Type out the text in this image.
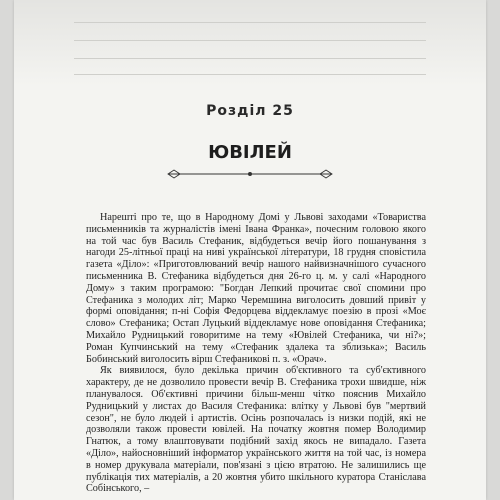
Розділ 25
ЮВІЛЕЙ

Нарешті про те, що в Народному Домі у Львові заходами «Товариства письменників та журналістів імені Івана Франка», почесним головою якого на той час був Василь Стефаник, відбудеться вечір його пошанування з нагоди 25-літньої праці на ниві української літератури, 18 грудня сповістила газета «Діло»: «Приготовлюваний вечір нашого найвизначнішого сучасного письменника В. Стефаника відбудеться дня 26-го ц. м. у салі «Народного Дому» з таким програмою: "Богдан Лепкий прочитає свої спомини про Стефаника з молодих літ; Марко Черемшина виголосить довший привіт у формі оповідання; п-ні Софія Федорцева віддекламує поезію в прозі «Моє слово» Стефаника; Остап Луцький віддекламує нове оповідання Стефаника; Михайло Рудницький говоритиме на тему «Ювілей Стефаника, чи ні?»; Роман Купчинський на тему «Стефаник здалека та зблизька»; Василь Бобинський виголосить вірш Стефаникові п. з. «Орач».

Як виявилося, було декілька причин об'єктивного та суб'єктивного характеру, де не дозволило провести вечір В. Стефаника трохи швидше, ніж планувалося. Об'єктивні причини більш-менш чітко пояснив Михайло Рудницький у листах до Василя Стефаника: влітку у Львові був "мертвий сезон", не було людей і артистів. Осінь розпочалась із низки подій, які не дозволяли також провести ювілей. На початку жовтня помер Володимир Гнатюк, а тому влаштовувати подібний захід якось не випадало. Газета «Діло», найосновніший інформатор українського життя на той час, із номера в номер друкувала матеріали, пов'язані з цією втратою. Не залишились ще публікація тих матеріалів, а 20 жовтня убито шкільного куратора Станіслава Собінського, –
